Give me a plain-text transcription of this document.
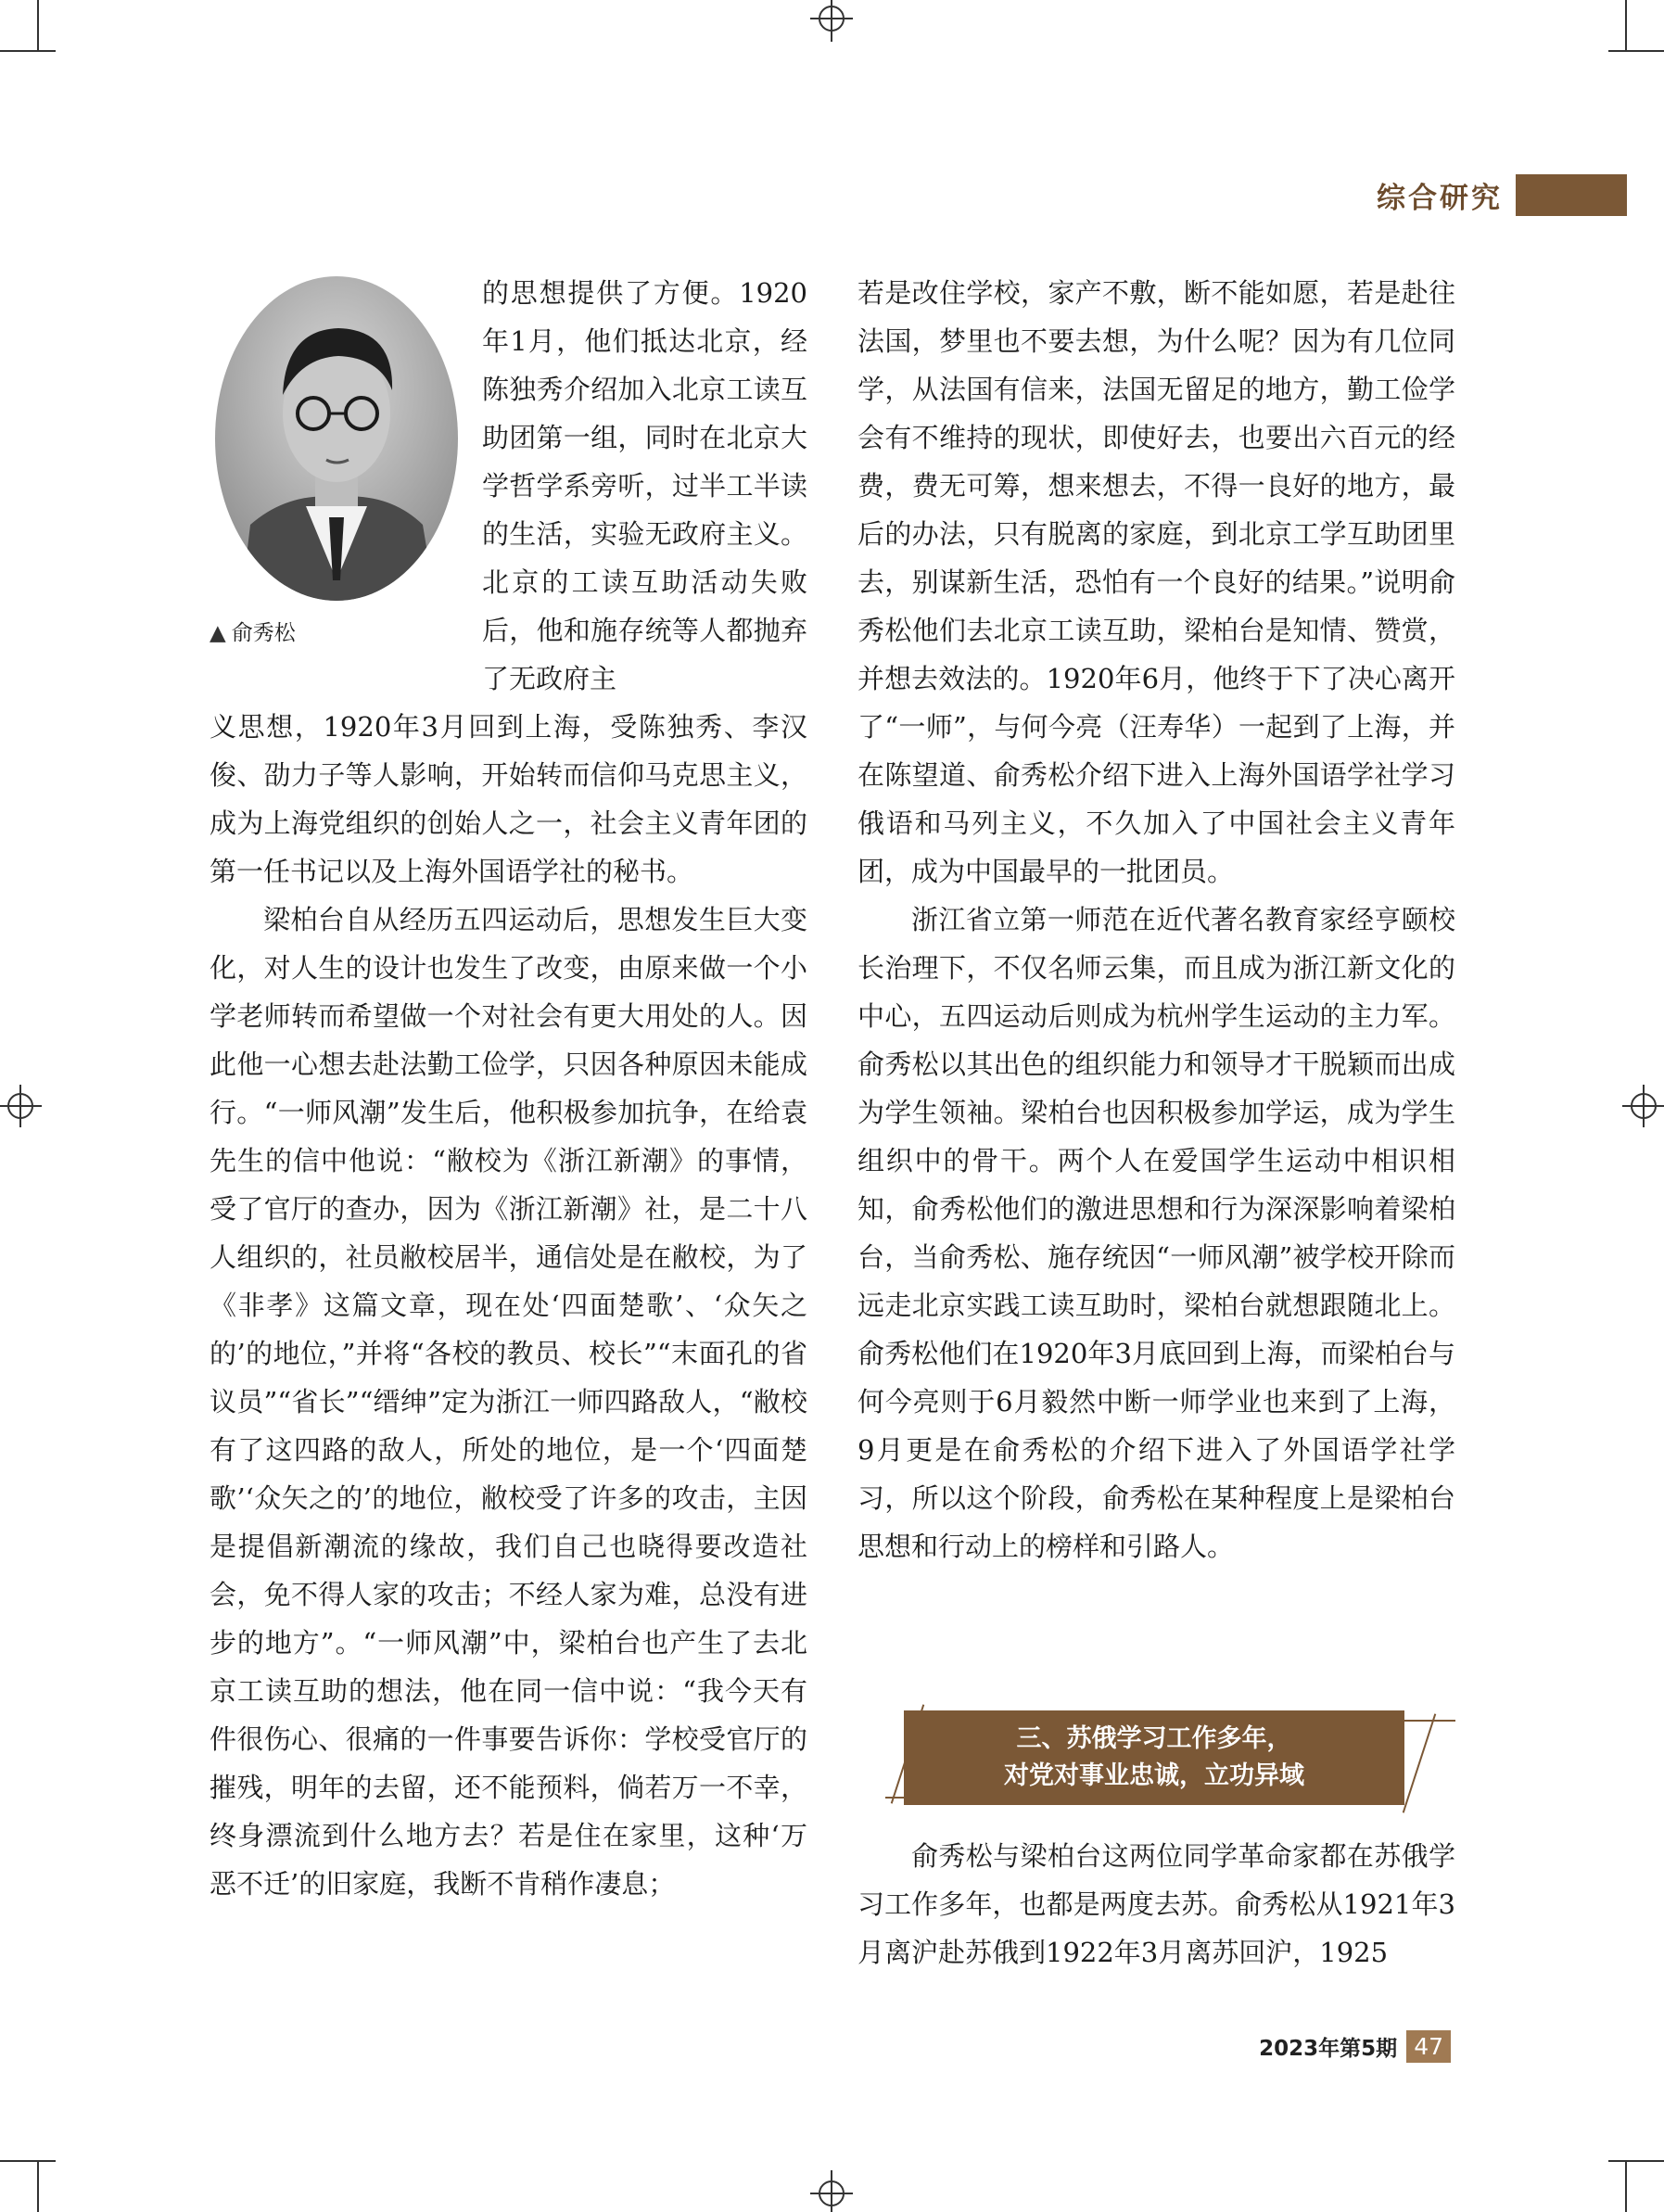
综合研究
▲ 俞秀松

的思想提供了方便。1920年1月，他们抵达北京，经陈独秀介绍加入北京工读互助团第一组，同时在北京大学哲学系旁听，过半工半读的生活，实验无政府主义。北京的工读互助活动失败后，他和施存统等人都抛弃了无政府主

义思想，1920年3月回到上海，受陈独秀、李汉俊、劭力子等人影响，开始转而信仰马克思主义，成为上海党组织的创始人之一，社会主义青年团的第一任书记以及上海外国语学社的秘书。

梁柏台自从经历五四运动后，思想发生巨大变化，对人生的设计也发生了改变，由原来做一个小学老师转而希望做一个对社会有更大用处的人。因此他一心想去赴法勤工俭学，只因各种原因未能成行。“一师风潮”发生后，他积极参加抗争，在给袁先生的信中他说：“敝校为《浙江新潮》的事情，受了官厅的查办，因为《浙江新潮》社，是二十八人组织的，社员敝校居半，通信处是在敝校，为了《非孝》这篇文章，现在处‘四面楚歌’、‘众矢之的’的地位，”并将“各校的教员、校长”“末面孔的省议员”“省长”“缙绅”定为浙江一师四路敌人，“敝校有了这四路的敌人，所处的地位，是一个‘四面楚歌’‘众矢之的’的地位，敝校受了许多的攻击，主因是提倡新潮流的缘故，我们自己也晓得要改造社会，免不得人家的攻击；不经人家为难，总没有进步的地方”。“一师风潮”中，梁柏台也产生了去北京工读互助的想法，他在同一信中说：“我今天有件很伤心、很痛的一件事要告诉你：学校受官厅的摧残，明年的去留，还不能预料，倘若万一不幸，终身漂流到什么地方去？若是住在家里，这种‘万恶不迁’的旧家庭，我断不肯稍作凄息；

若是改住学校，家产不敷，断不能如愿，若是赴往法国，梦里也不要去想，为什么呢？因为有几位同学，从法国有信来，法国无留足的地方，勤工俭学会有不维持的现状，即使好去，也要出六百元的经费，费无可筹，想来想去，不得一良好的地方，最后的办法，只有脱离的家庭，到北京工学互助团里去，别谋新生活，恐怕有一个良好的结果。”说明俞秀松他们去北京工读互助，梁柏台是知情、赞赏，并想去效法的。1920年6月，他终于下了决心离开了“一师”，与何今亮（汪寿华）一起到了上海，并在陈望道、俞秀松介绍下进入上海外国语学社学习俄语和马列主义，不久加入了中国社会主义青年团，成为中国最早的一批团员。

浙江省立第一师范在近代著名教育家经亨颐校长治理下，不仅名师云集，而且成为浙江新文化的中心，五四运动后则成为杭州学生运动的主力军。俞秀松以其出色的组织能力和领导才干脱颖而出成为学生领袖。梁柏台也因积极参加学运，成为学生组织中的骨干。两个人在爱国学生运动中相识相知，俞秀松他们的激进思想和行为深深影响着梁柏台，当俞秀松、施存统因“一师风潮”被学校开除而远走北京实践工读互助时，梁柏台就想跟随北上。俞秀松他们在1920年3月底回到上海，而梁柏台与何今亮则于6月毅然中断一师学业也来到了上海，9月更是在俞秀松的介绍下进入了外国语学社学习，所以这个阶段，俞秀松在某种程度上是梁柏台思想和行动上的榜样和引路人。

三、苏俄学习工作多年，
对党对事业忠诚，立功异域

俞秀松与梁柏台这两位同学革命家都在苏俄学习工作多年，也都是两度去苏。俞秀松从1921年3月离沪赴苏俄到1922年3月离苏回沪，1925

2023年第5期 47
